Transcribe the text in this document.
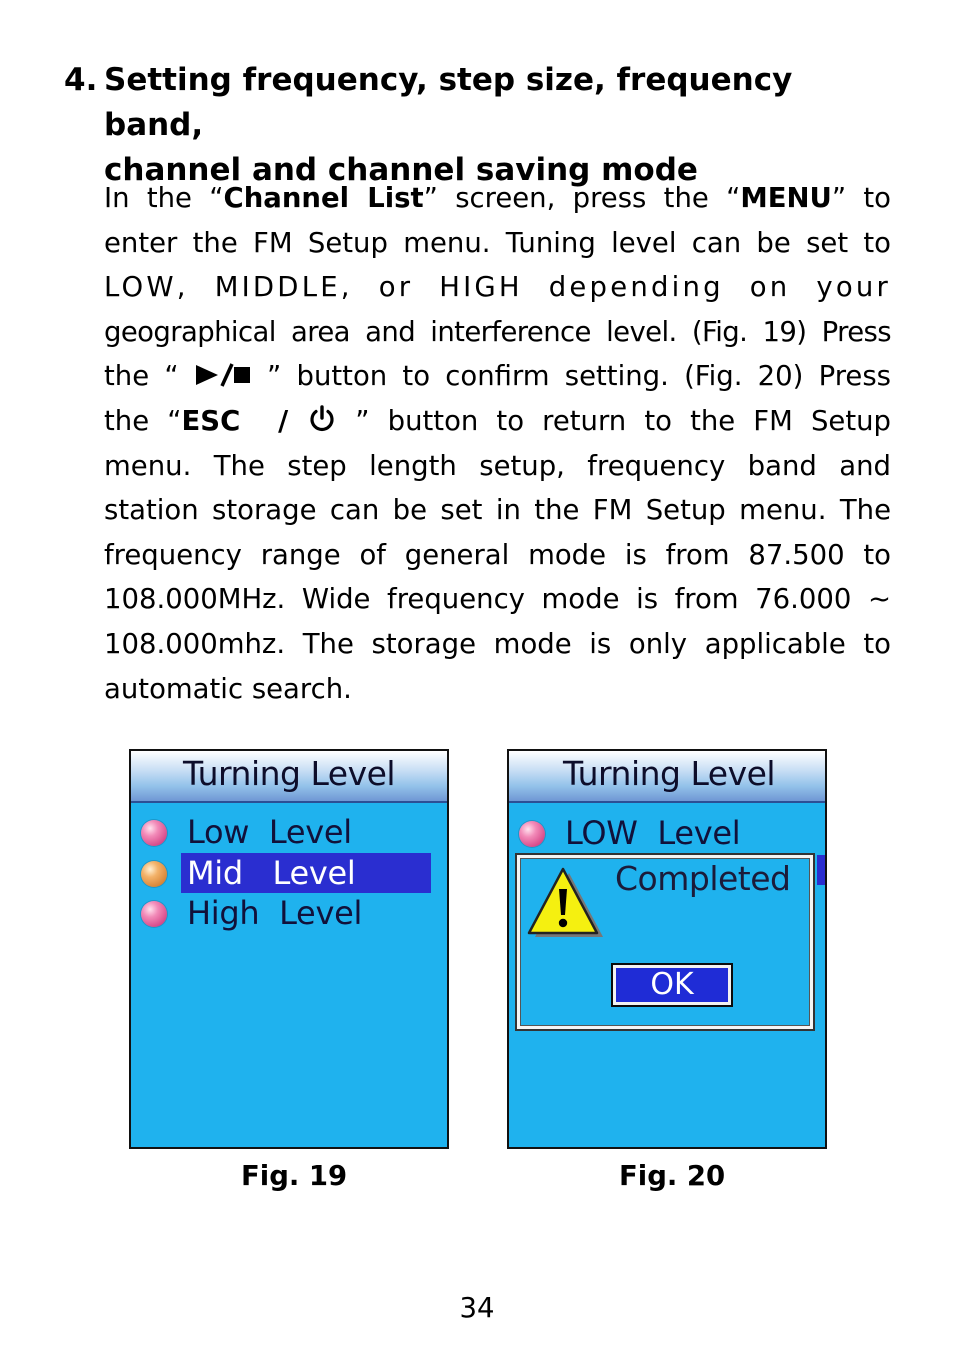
4. Setting frequency, step size, frequency band,
channel and channel saving mode
In the “Channel List” screen, press the “MENU” to
enter the FM Setup menu. Tuning level can be set to
LOW, MIDDLE, or HIGH depending on your
geographical area and interference level. (Fig. 19) Press
the “  ” button to confirm setting. (Fig. 20) Press
the “ESC  /  ” button to return to the FM Setup
menu. The step length setup, frequency band and
station storage can be set in the FM Setup menu. The
frequency range of general mode is from 87.500 to
108.000MHz. Wide frequency mode is from 76.000 ~
108.000mhz. The storage mode is only applicable to
automatic search.
Turning Level
Low  Level
Mid   Level
High  Level
Turning Level
LOW  Level
Completed
OK
Fig. 19	Fig. 20
34
